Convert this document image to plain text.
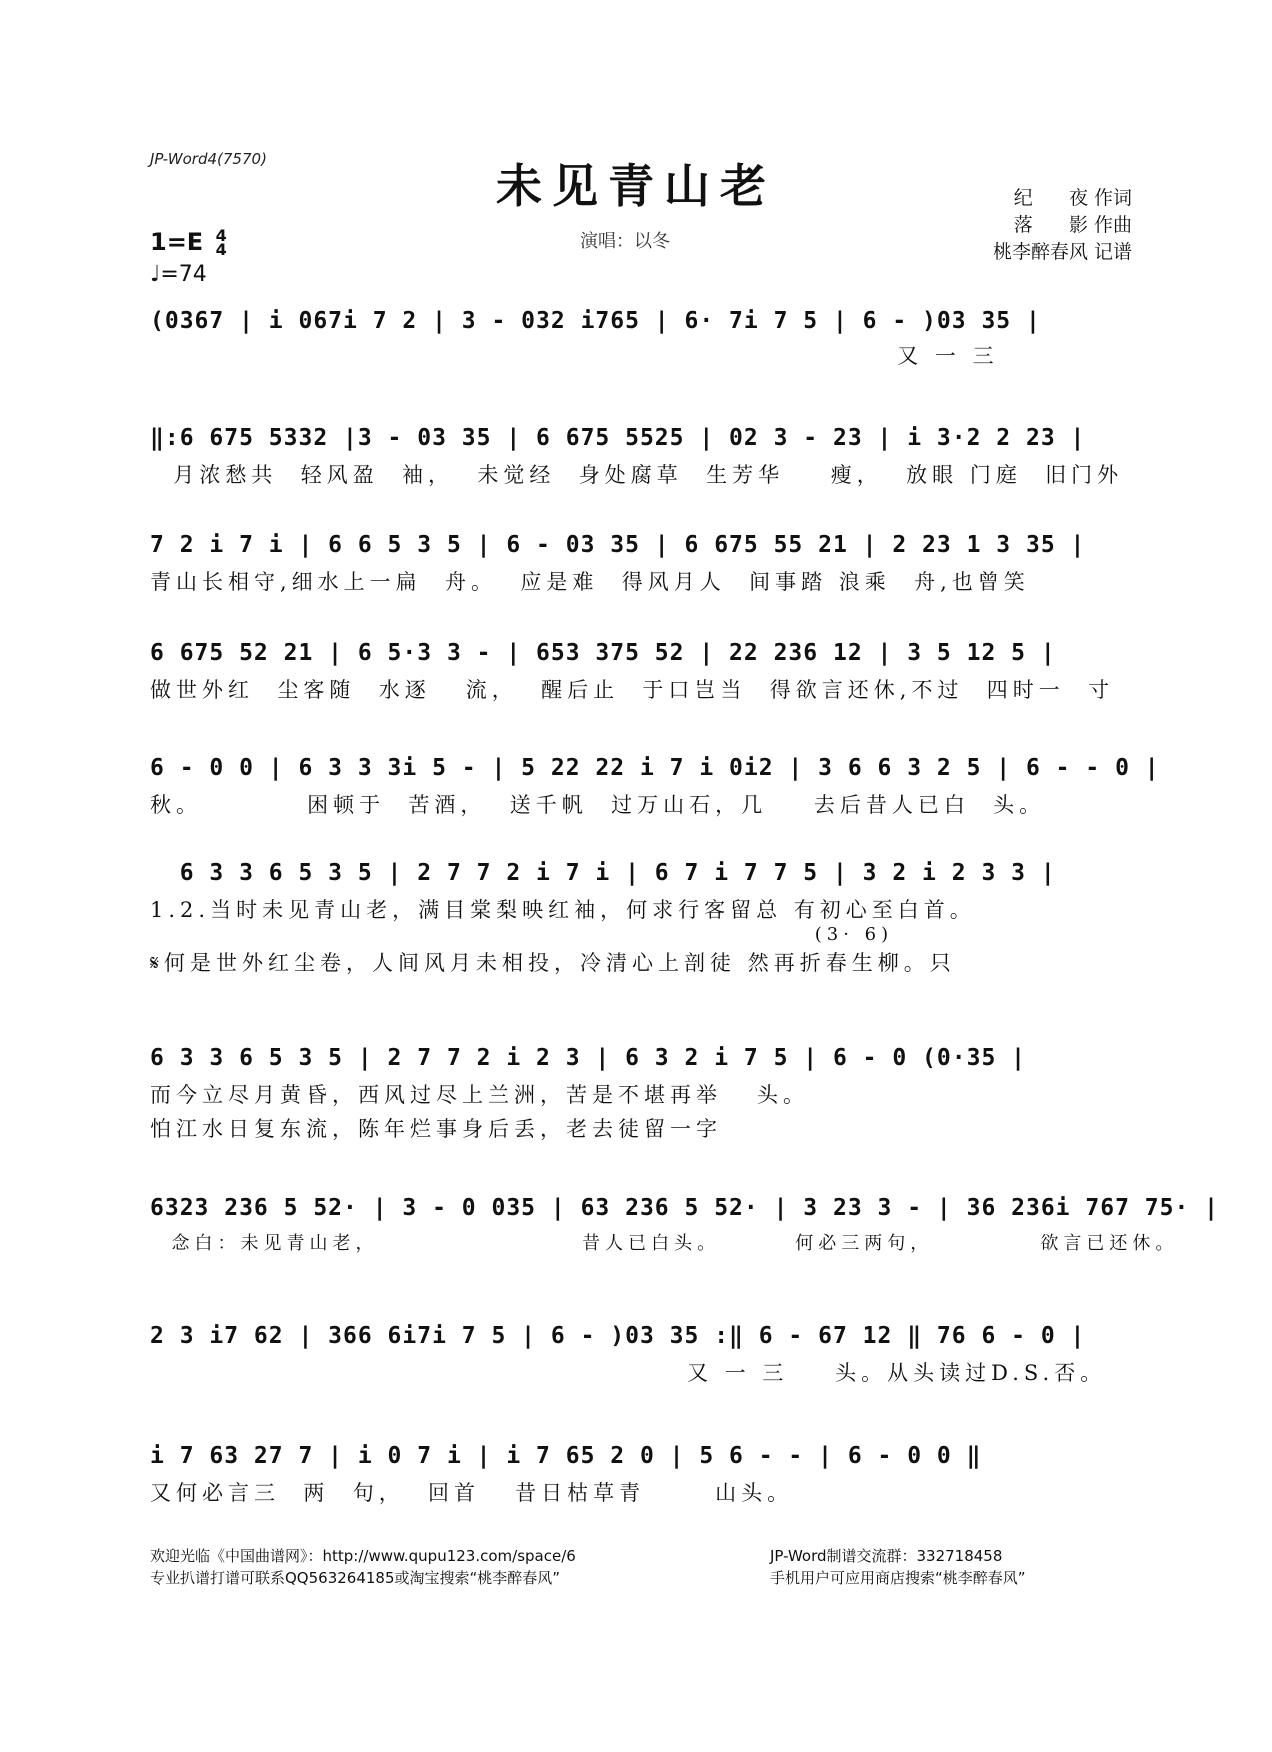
JP-Word4(7570)	未见青山老
演唱：以冬
纪      夜 作词
落      影 作曲
桃李醉春风 记谱
1=E 4
4
♩=74
(0367 | i 067i 7 2 | 3 - 032 i765 | 6· 7i 7 5 | 6 - )03 35 |
又 一 三
‖:6 675 5332 |3 - 03 35 | 6 675 5525 | 02 3 - 23 | i 3·2 2 23 |
月浓愁共  轻风盈  袖，  未觉经  身处腐草  生芳华    瘦，  放眼 门庭  旧门外
7 2 i 7 i | 6 6 5 3 5 | 6 - 03 35 | 6 675 55 21 | 2 23 1 3 35 |
青山长相守,细水上一扁  舟。  应是难  得风月人  间事踏 浪乘  舟,也曾笑
6 675 52 21 | 6 5·3 3 - | 653 375 52 | 22 236 12 | 3 5 12 5 |
做世外红  尘客随  水逐   流，  醒后止  于口岂当  得欲言还休,不过  四时一  寸
6 - 0 0 | 6 3 3 3i 5 - | 5 22 22 i 7 i 0i2 | 3 6 6 3 2 5 | 6 - - 0 |
秋。         困顿于  苦酒，  送千帆  过万山石，几    去后昔人已白  头。
6 3 3 6 5 3 5 | 2 7 7 2 i 7 i | 6 7 i 7 7 5 | 3 2 i 2 3 3 |
1.2.当时未见青山老，满目棠梨映红袖，何求行客留总 有初心至白首。
(3· 6)
𝄋何是世外红尘卷，人间风月未相投，冷清心上剖徒 然再折春生柳。只
6 3 3 6 5 3 5 | 2 7 7 2 i 2 3 | 6 3 2 i 7 5 | 6 - 0 (0·35 |
而今立尽月黄昏，西风过尽上兰洲，苦是不堪再举   头。
怕江水日复东流，陈年烂事身后丢，老去徒留一字
6323 236 5 52· | 3 - 0 035 | 63 236 5 52· | 3 23 3 - | 36 236i 767 75· |
念白：未见青山老，                   昔人已白头。       何必三两句，          欲言已还休。
2 3 i7 62 | 366 6i7i 7 5 | 6 - )03 35 :‖ 6 - 67 12 ‖ 76 6 - 0 |
又 一 三    头。从头读过D.S.否。
i 7 63 27 7 | i 0 7 i | i 7 65 2 0 | 5 6 - - | 6 - 0 0 ‖
又何必言三  两  句，  回首   昔日枯草青      山头。
欢迎光临《中国曲谱网》：http://www.qupu123.com/space/6
专业扒谱打谱可联系QQ563264185或淘宝搜索“桃李醉春风”
JP-Word制谱交流群：332718458
手机用户可应用商店搜索“桃李醉春风”
